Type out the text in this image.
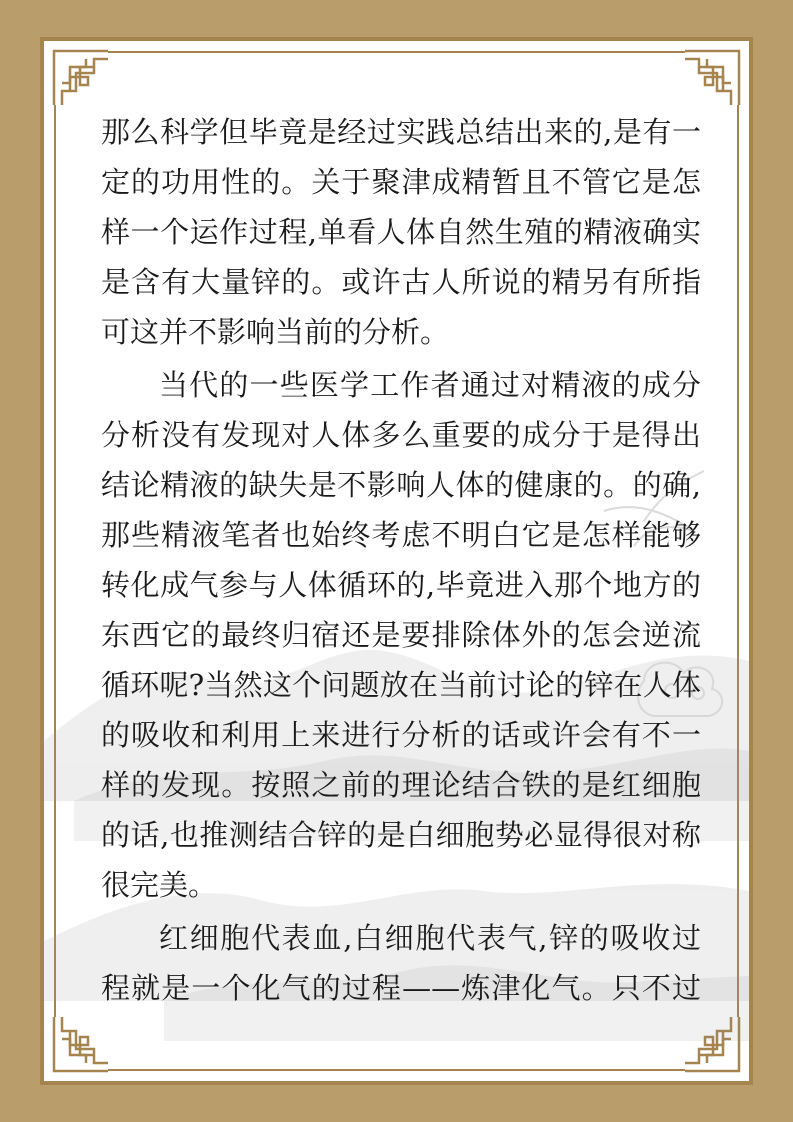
那么科学但毕竟是经过实践总结出来的,是有一
定的功用性的。关于聚津成精暂且不管它是怎
样一个运作过程,单看人体自然生殖的精液确实
是含有大量锌的。或许古人所说的精另有所指
可这并不影响当前的分析。
当代的一些医学工作者通过对精液的成分
分析没有发现对人体多么重要的成分于是得出
结论精液的缺失是不影响人体的健康的。的确,
那些精液笔者也始终考虑不明白它是怎样能够
转化成气参与人体循环的,毕竟进入那个地方的
东西它的最终归宿还是要排除体外的怎会逆流
循环呢?当然这个问题放在当前讨论的锌在人体
的吸收和利用上来进行分析的话或许会有不一
样的发现。按照之前的理论结合铁的是红细胞
的话,也推测结合锌的是白细胞势必显得很对称
很完美。
红细胞代表血,白细胞代表气,锌的吸收过
程就是一个化气的过程——炼津化气。只不过
